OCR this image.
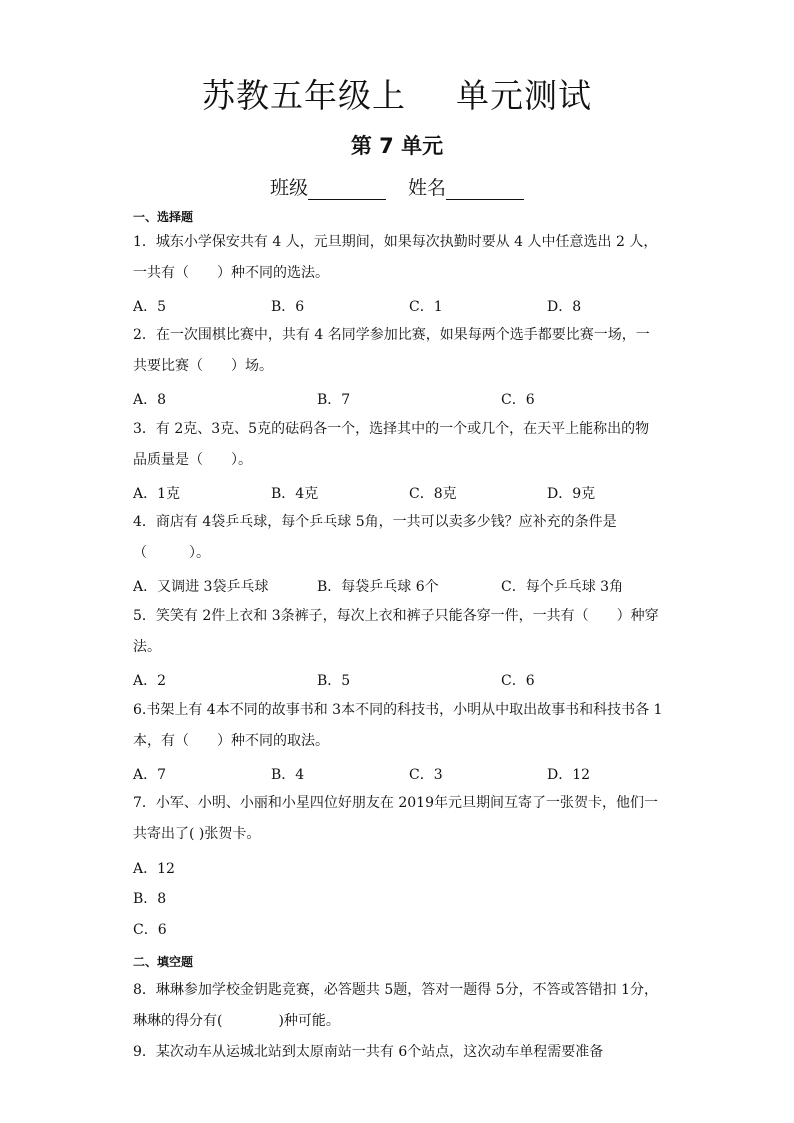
苏教五年级上 单元测试
第 7 单元
班级	姓名
一、选择题
1．城东小学保安共有 4 人，元旦期间，如果每次执勤时要从 4 人中任意选出 2 人，一共有（　　）种不同的选法。
A．5	B．6	C．1	D．8
2．在一次围棋比赛中，共有 4 名同学参加比赛，如果每两个选手都要比赛一场，一共要比赛（　　）场。
A．8	B．7	C．6
3．有 2克、3克、5克的砝码各一个，选择其中的一个或几个，在天平上能称出的物品质量是（　　）。
A．1克	B．4克	C．8克	D．9克
4．商店有 4袋乒乓球，每个乒乓球 5角，一共可以卖多少钱？应补充的条件是（　　　）。
A．又调进 3袋乒乓球	B．每袋乒乓球 6个	C．每个乒乓球 3角
5．笑笑有 2件上衣和 3条裤子，每次上衣和裤子只能各穿一件，一共有（　　）种穿法。
A．2	B．5	C．6
6.书架上有 4本不同的故事书和 3本不同的科技书，小明从中取出故事书和科技书各 1本，有（　　）种不同的取法。
A．7	B．4	C．3	D．12
7．小军、小明、小丽和小星四位好朋友在 2019年元旦期间互寄了一张贺卡，他们一共寄出了( )张贺卡。
A．12
B．8
C．6
二、填空题
8．琳琳参加学校金钥匙竞赛，必答题共 5题，答对一题得 5分，不答或答错扣 1分，琳琳的得分有(　　　　)种可能。
9．某次动车从运城北站到太原南站一共有 6个站点，这次动车单程需要准备
